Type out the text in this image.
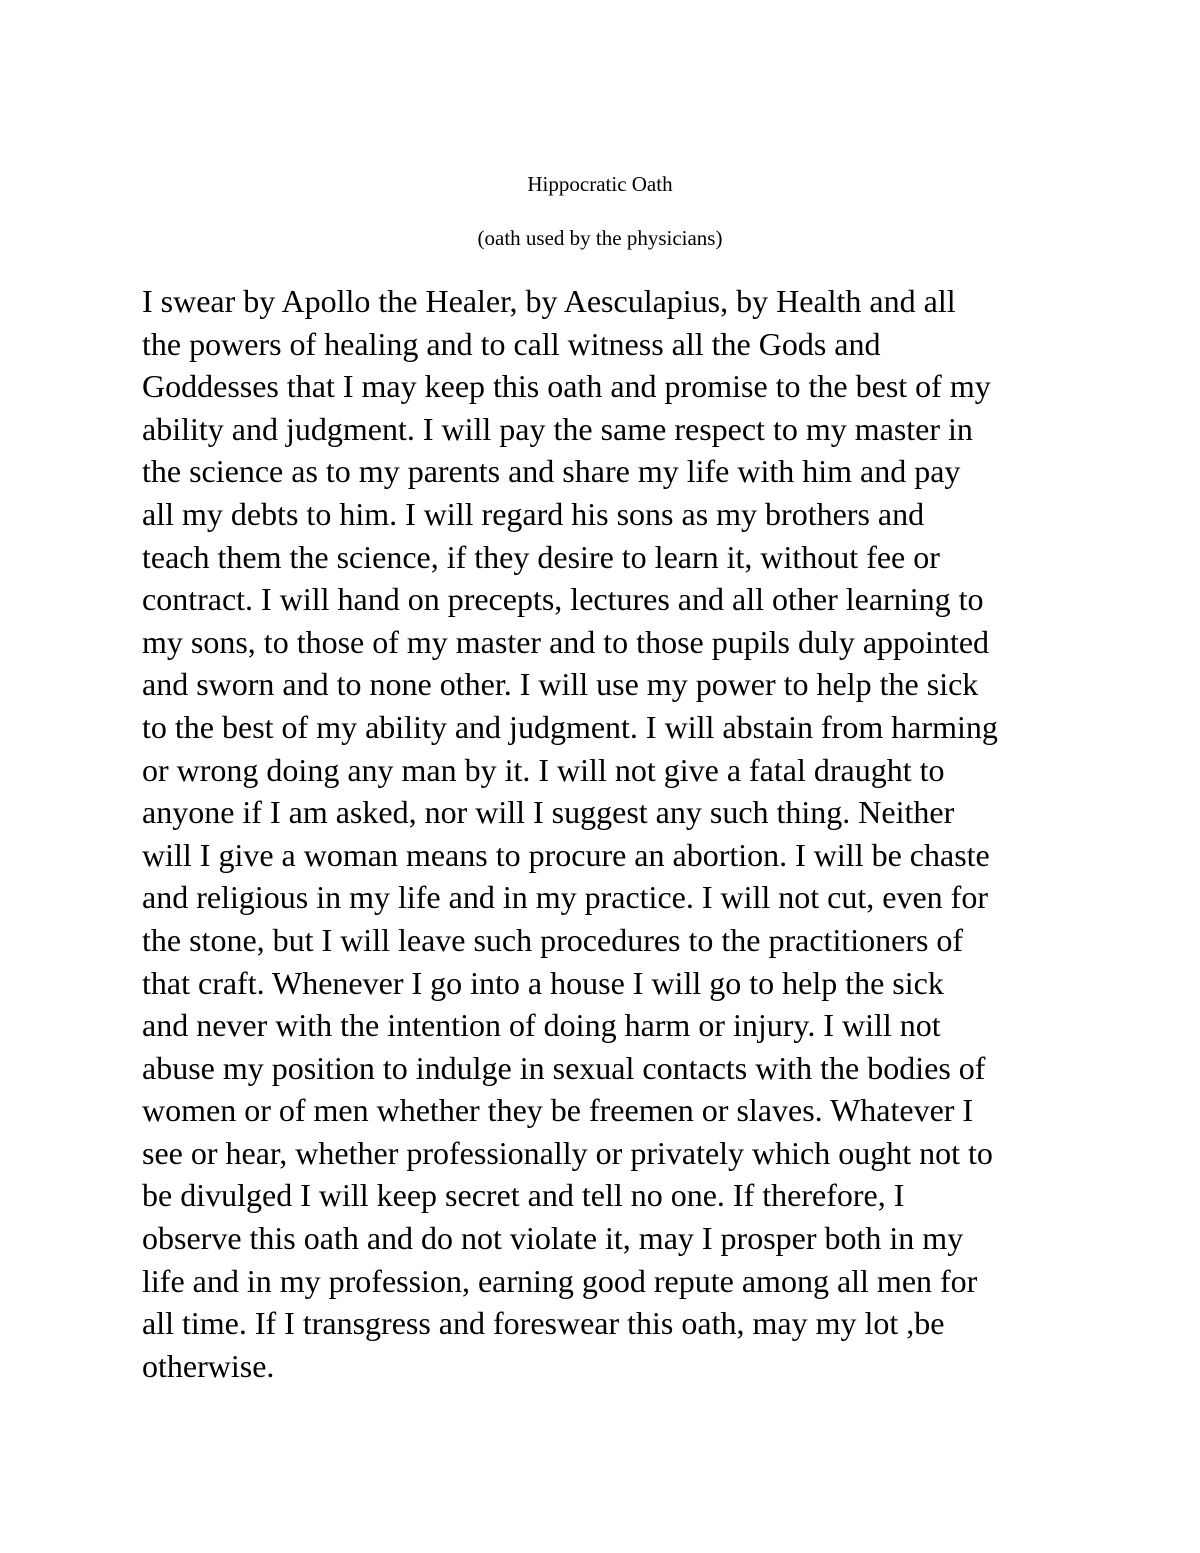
Hippocratic Oath

(oath used by the physicians)

I swear by Apollo the Healer, by Aesculapius, by Health and all
the powers of healing and to call witness all the Gods and
Goddesses that I may keep this oath and promise to the best of my
ability and judgment. I will pay the same respect to my master in
the science as to my parents and share my life with him and pay
all my debts to him. I will regard his sons as my brothers and
teach them the science, if they desire to learn it, without fee or
contract. I will hand on precepts, lectures and all other learning to
my sons, to those of my master and to those pupils duly appointed
and sworn and to none other. I will use my power to help the sick
to the best of my ability and judgment. I will abstain from harming
or wrong doing any man by it. I will not give a fatal draught to
anyone if I am asked, nor will I suggest any such thing. Neither
will I give a woman means to procure an abortion. I will be chaste
and religious in my life and in my practice. I will not cut, even for
the stone, but I will leave such procedures to the practitioners of
that craft. Whenever I go into a house I will go to help the sick
and never with the intention of doing harm or injury. I will not
abuse my position to indulge in sexual contacts with the bodies of
women or of men whether they be freemen or slaves. Whatever I
see or hear, whether professionally or privately which ought not to
be divulged I will keep secret and tell no one. If therefore, I
observe this oath and do not violate it, may I prosper both in my
life and in my profession, earning good repute among all men for
all time. If I transgress and foreswear this oath, may my lot ,be
otherwise.
